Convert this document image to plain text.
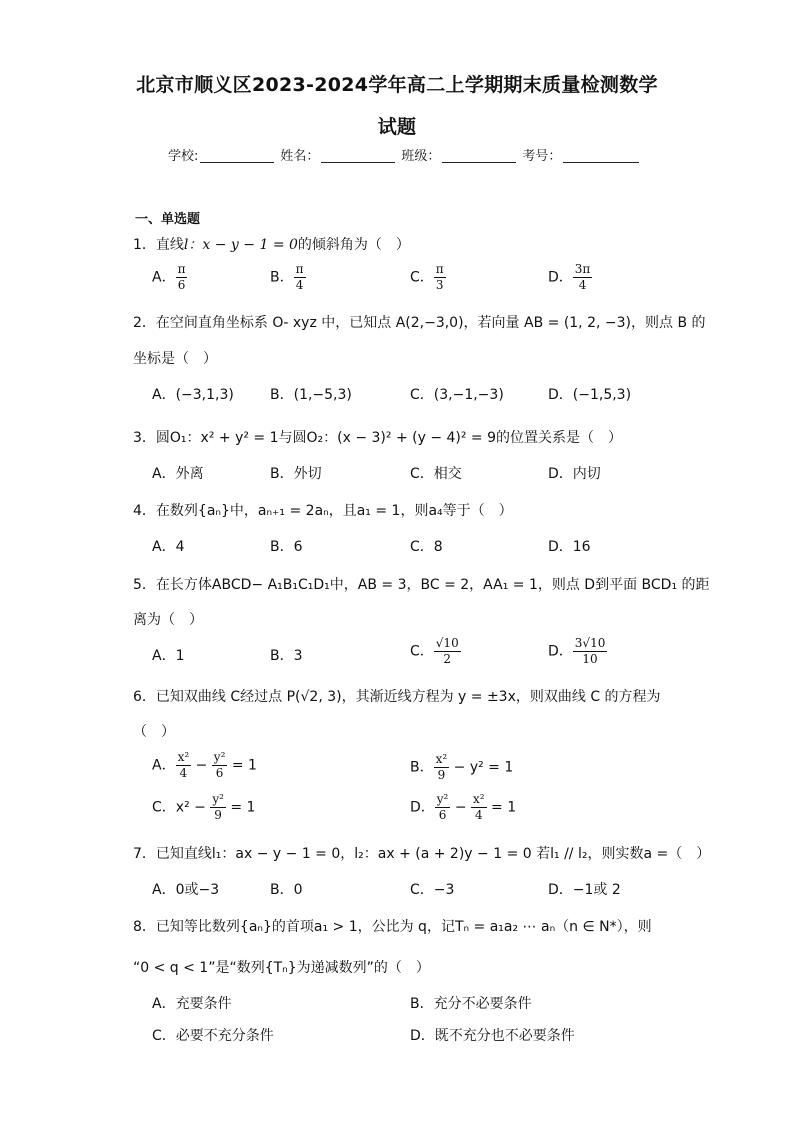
北京市顺义区2023-2024学年高二上学期期末质量检测数学
试题
学校:	姓名：	班级：	考号：
一、单选题
1．直线l：x − y − 1 = 0的倾斜角为（　）
A． $\frac{\pi}{6}$	B． $\frac{\pi}{4}$	C． $\frac{\pi}{3}$	D． $\frac{3\pi}{4}$
2．在空间直角坐标系 O‑ xyz 中，已知点 A(2,−3,0)，若向量 AB = (1, 2, −3)，则点 B 的
坐标是（　）
A．(−3,1,3)	B．(1,−5,3)	C．(3,−1,−3)	D．(−1,5,3)
3．圆O₁：x² + y² = 1与圆O₂：(x − 3)² + (y − 4)² = 9的位置关系是（　）
A．外离	B．外切	C．相交	D．内切
4．在数列{aₙ}中，aₙ₊₁ = 2aₙ，且a₁ = 1，则a₄等于（　）
A．4	B．6	C．8	D．16
5．在长方体ABCD− A₁B₁C₁D₁中，AB = 3，BC = 2，AA₁ = 1，则点 D到平面 BCD₁ 的距
离为（　）
A．1	B．3	C． $\frac{√10}{2}$	D． $\frac{3√10}{10}$
6．已知双曲线 C经过点 P(√2, 3)，其渐近线方程为 y = ±3x，则双曲线 C 的方程为
（　）
A． $\frac{\text{x²}}{4} - \frac{\text{y²}}{6} = 1$	B． $\frac{\text{x²}}{9} - y^2 = 1$
C．$x^2 - \frac{\text{y²}}{9} = 1$	D． $\frac{\text{y²}}{6} - \frac{\text{x²}}{4} = 1$
7．已知直线l₁：ax − y − 1 = 0，l₂：ax + (a + 2)y − 1 = 0 若l₁ // l₂，则实数a =（　）
A．0或−3	B．0	C．−3	D．−1或 2
8．已知等比数列{aₙ}的首项a₁ > 1，公比为 q，记Tₙ = a₁a₂ ⋯ aₙ（n ∈ N*），则
“0 < q < 1”是“数列{Tₙ}为递减数列”的（　）
A．充要条件	B．充分不必要条件
C．必要不充分条件	D．既不充分也不必要条件
